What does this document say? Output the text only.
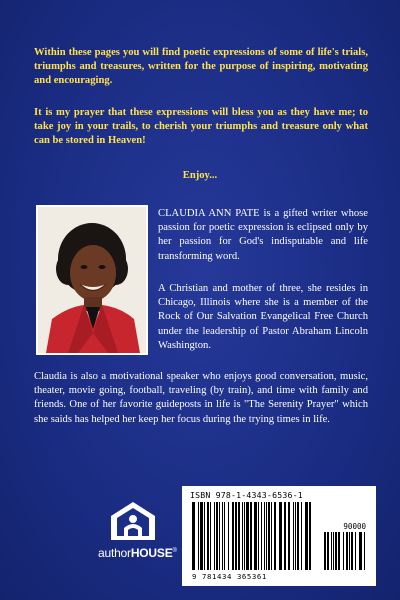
Within these pages you will find poetic expressions of some of life's trials, triumphs and treasures, written for the purpose of inspiring, motivating and encouraging.

It is my prayer that these expressions will bless you as they have me; to take joy in your trails, to cherish your triumphs and treasure only what can be stored in Heaven!

Enjoy...

CLAUDIA ANN PATE is a gifted writer whose passion for poetic expression is eclipsed only by her passion for God's indisputable and life transforming word.

A Christian and mother of three, she resides in Chicago, Illinois where she is a member of the Rock of Our Salvation Evangelical Free Church under the leadership of Pastor Abraham Lincoln Washington.

Claudia is also a motivational speaker who enjoys good conversation, music, theater, movie going, football, traveling (by train), and time with family and friends. One of her favorite guideposts in life is "The Serenity Prayer" which she saids has helped her keep her focus during the trying times in life.

authorHOUSE®

ISBN 978-1-4343-6536-1
90000
9 781434 365361
